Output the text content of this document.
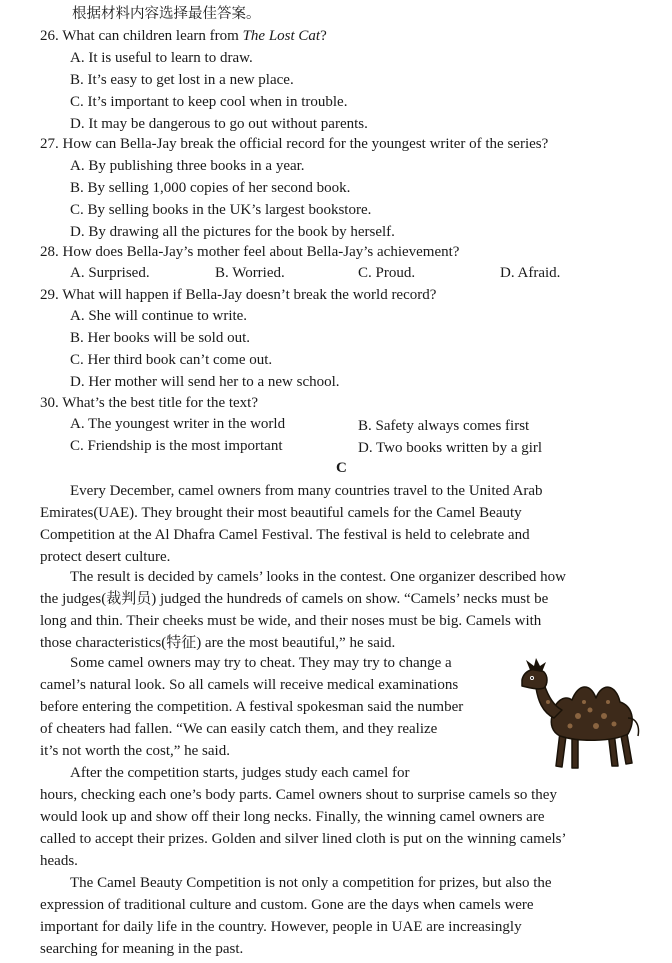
根据材料内容选择最佳答案。
26. What can children learn from The Lost Cat?
A. It is useful to learn to draw.
B. It’s easy to get lost in a new place.
C. It’s important to keep cool when in trouble.
D. It may be dangerous to go out without parents.
27. How can Bella-Jay break the official record for the youngest writer of the series?
A. By publishing three books in a year.
B. By selling 1,000 copies of her second book.
C. By selling books in the UK’s largest bookstore.
D. By drawing all the pictures for the book by herself.
28. How does Bella-Jay’s mother feel about Bella-Jay’s achievement?
A. Surprised.	B. Worried.	C. Proud.	D. Afraid.
29. What will happen if Bella-Jay doesn’t break the world record?
A. She will continue to write.
B. Her books will be sold out.
C. Her third book can’t come out.
D. Her mother will send her to a new school.
30. What’s the best title for the text?
A. The youngest writer in the world	B. Safety always comes first
C. Friendship is the most important	D. Two books written by a girl
C
Every December, camel owners from many countries travel to the United Arab
Emirates(UAE). They brought their most beautiful camels for the Camel Beauty
Competition at the Al Dhafra Camel Festival. The festival is held to celebrate and
protect desert culture.
The result is decided by camels’ looks in the contest. One organizer described how
the judges(裁判员) judged the hundreds of camels on show. “Camels’ necks must be
long and thin. Their cheeks must be wide, and their noses must be big. Camels with
those characteristics(特征) are the most beautiful,” he said.
Some camel owners may try to cheat. They may try to change a
camel’s natural look. So all camels will receive medical examinations
before entering the competition. A festival spokesman said the number
of cheaters had fallen. “We can easily catch them, and they realize
it’s not worth the cost,” he said.
After the competition starts, judges study each camel for
hours, checking each one’s body parts. Camel owners shout to surprise camels so they
would look up and show off their long necks. Finally, the winning camel owners are
called to accept their prizes. Golden and silver lined cloth is put on the winning camels’
heads.
The Camel Beauty Competition is not only a competition for prizes, but also the
expression of traditional culture and custom. Gone are the days when camels were
important for daily life in the country. However, people in UAE are increasingly
searching for meaning in the past.
